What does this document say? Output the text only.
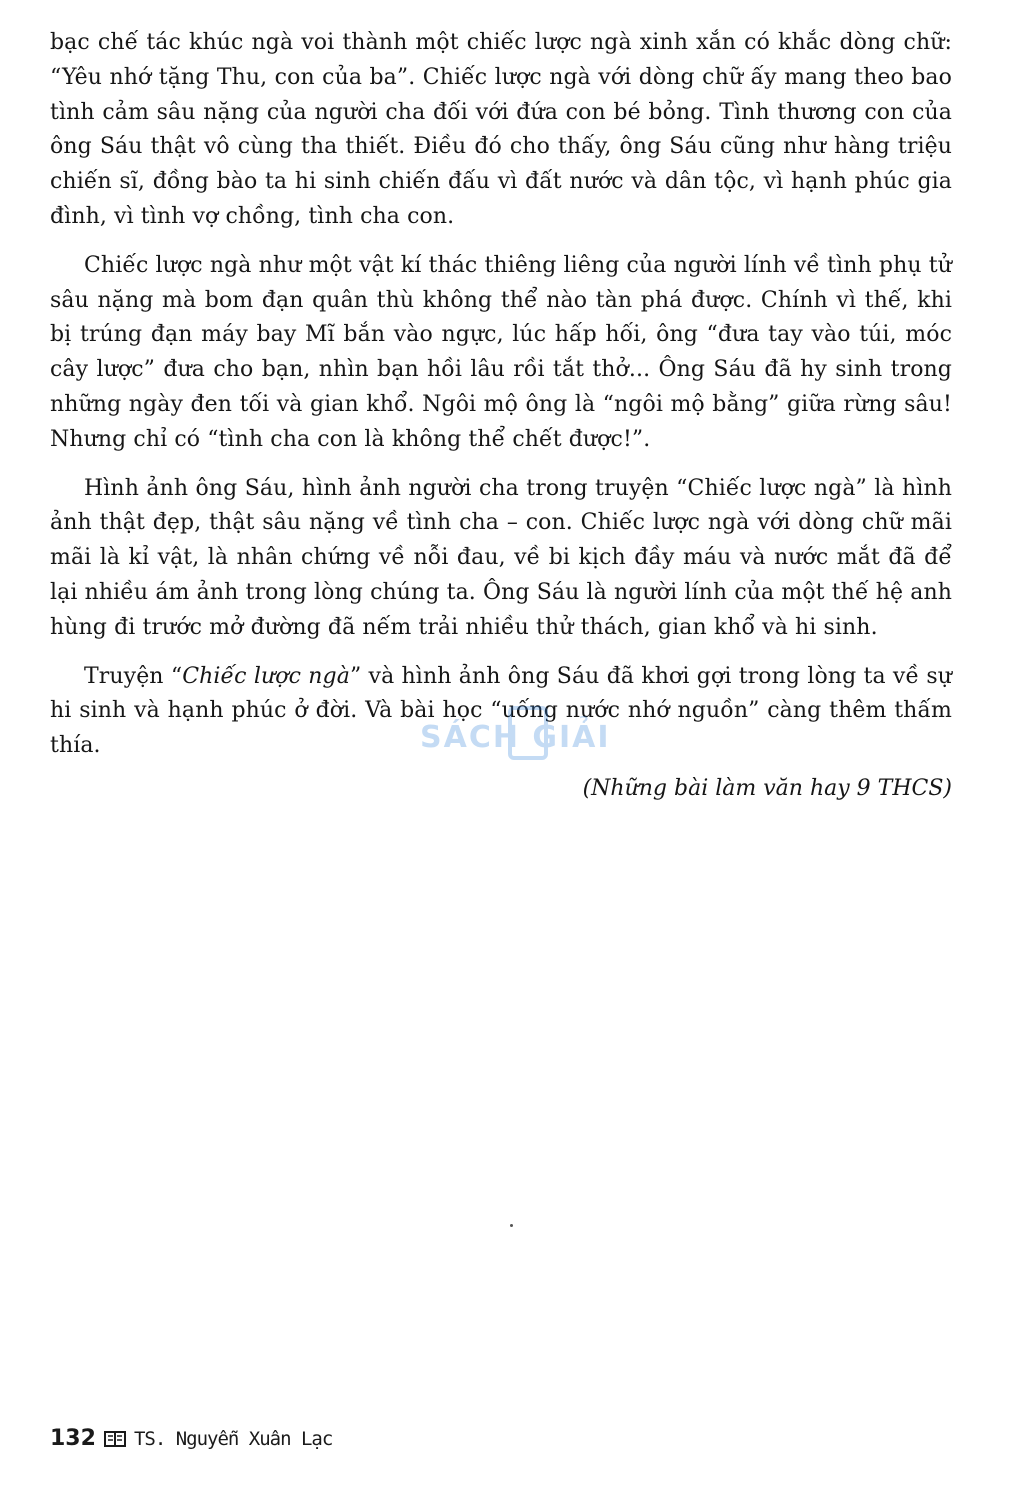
bạc chế tác khúc ngà voi thành một chiếc lược ngà xinh xắn có khắc dòng chữ: “Yêu nhớ tặng Thu, con của ba”. Chiếc lược ngà với dòng chữ ấy mang theo bao tình cảm sâu nặng của người cha đối với đứa con bé bỏng. Tình thương con của ông Sáu thật vô cùng tha thiết. Điều đó cho thấy, ông Sáu cũng như hàng triệu chiến sĩ, đồng bào ta hi sinh chiến đấu vì đất nước và dân tộc, vì hạnh phúc gia đình, vì tình vợ chồng, tình cha con.

Chiếc lược ngà như một vật kí thác thiêng liêng của người lính về tình phụ tử sâu nặng mà bom đạn quân thù không thể nào tàn phá được. Chính vì thế, khi bị trúng đạn máy bay Mĩ bắn vào ngực, lúc hấp hối, ông “đưa tay vào túi, móc cây lược” đưa cho bạn, nhìn bạn hồi lâu rồi tắt thở... Ông Sáu đã hy sinh trong những ngày đen tối và gian khổ. Ngôi mộ ông là “ngôi mộ bằng” giữa rừng sâu! Nhưng chỉ có “tình cha con là không thể chết được!”.

Hình ảnh ông Sáu, hình ảnh người cha trong truyện “Chiếc lược ngà” là hình ảnh thật đẹp, thật sâu nặng về tình cha – con. Chiếc lược ngà với dòng chữ mãi mãi là kỉ vật, là nhân chứng về nỗi đau, về bi kịch đầy máu và nước mắt đã để lại nhiều ám ảnh trong lòng chúng ta. Ông Sáu là người lính của một thế hệ anh hùng đi trước mở đường đã nếm trải nhiều thử thách, gian khổ và hi sinh.

Truyện “Chiếc lược ngà” và hình ảnh ông Sáu đã khơi gợi trong lòng ta về sự hi sinh và hạnh phúc ở đời. Và bài học “uống nước nhớ nguồn” càng thêm thấm thía.

(Những bài làm văn hay 9 THCS)

SÁCH GIẢI
132 TS. Nguyễn Xuân Lạc
